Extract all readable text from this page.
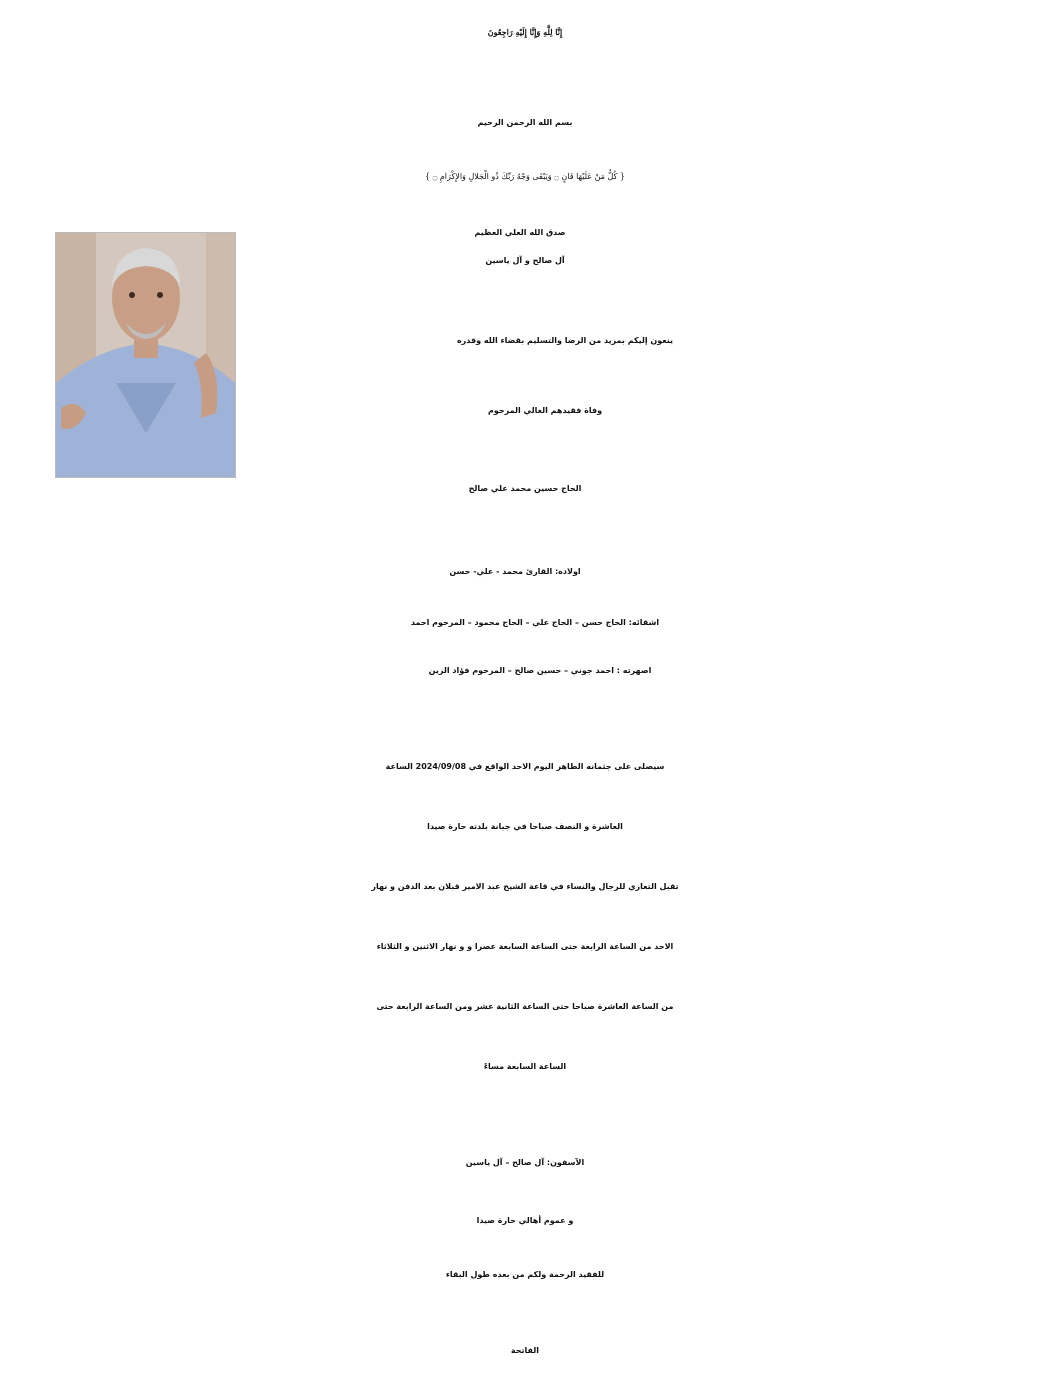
إِنَّا لِلَّهِ وَإِنَّا إِلَيْهِ رَاجِعُونَ
بسم الله الرحمن الرحيم
{ كُلُّ مَنْ عَلَيْهَا فَانٍ ۝ وَيَبْقَى وَجْهُ رَبِّكَ ذُو الْجَلالِ وَالإِكْرَامِ ۝ }
صدق الله العلي العظيم
آل صالح و آل ياسين
ينعون إليكم بمزيد من الرضا والتسليم بقضاء الله وقدره
وفاة فقيدهم الغالي المرحوم
الحاج حسين محمد علي صالح
اولاده: القارئ محمد - علي- حسن
اشقائه: الحاج حسن – الحاج علي – الحاج محمود – المرحوم احمد
اصهرته : احمد جوني – حسين صالح – المرحوم فؤاد الزين
سيصلى على جثمانه الطاهر اليوم الاحد الواقع في 2024/09/08 الساعة
العاشرة و النصف صباحا في جبانة بلدته حارة صيدا
تقبل التعازي للرجال والنساء في قاعة الشيخ عبد الامير قبلان بعد الدفن و نهار
الاحد من الساعة الرابعة حتى الساعة السابعة عصرا و و نهار الاثنين و الثلاثاء
من الساعة العاشرة صباحا حتى الساعة الثانية عشر ومن الساعة الرابعة حتى
الساعة السابعة مساءً
الآسفون: آل صالح – آل ياسين
و عموم أهالي حارة صيدا
للفقيد الرحمة ولكم من بعده طول البقاء
الفاتحة
